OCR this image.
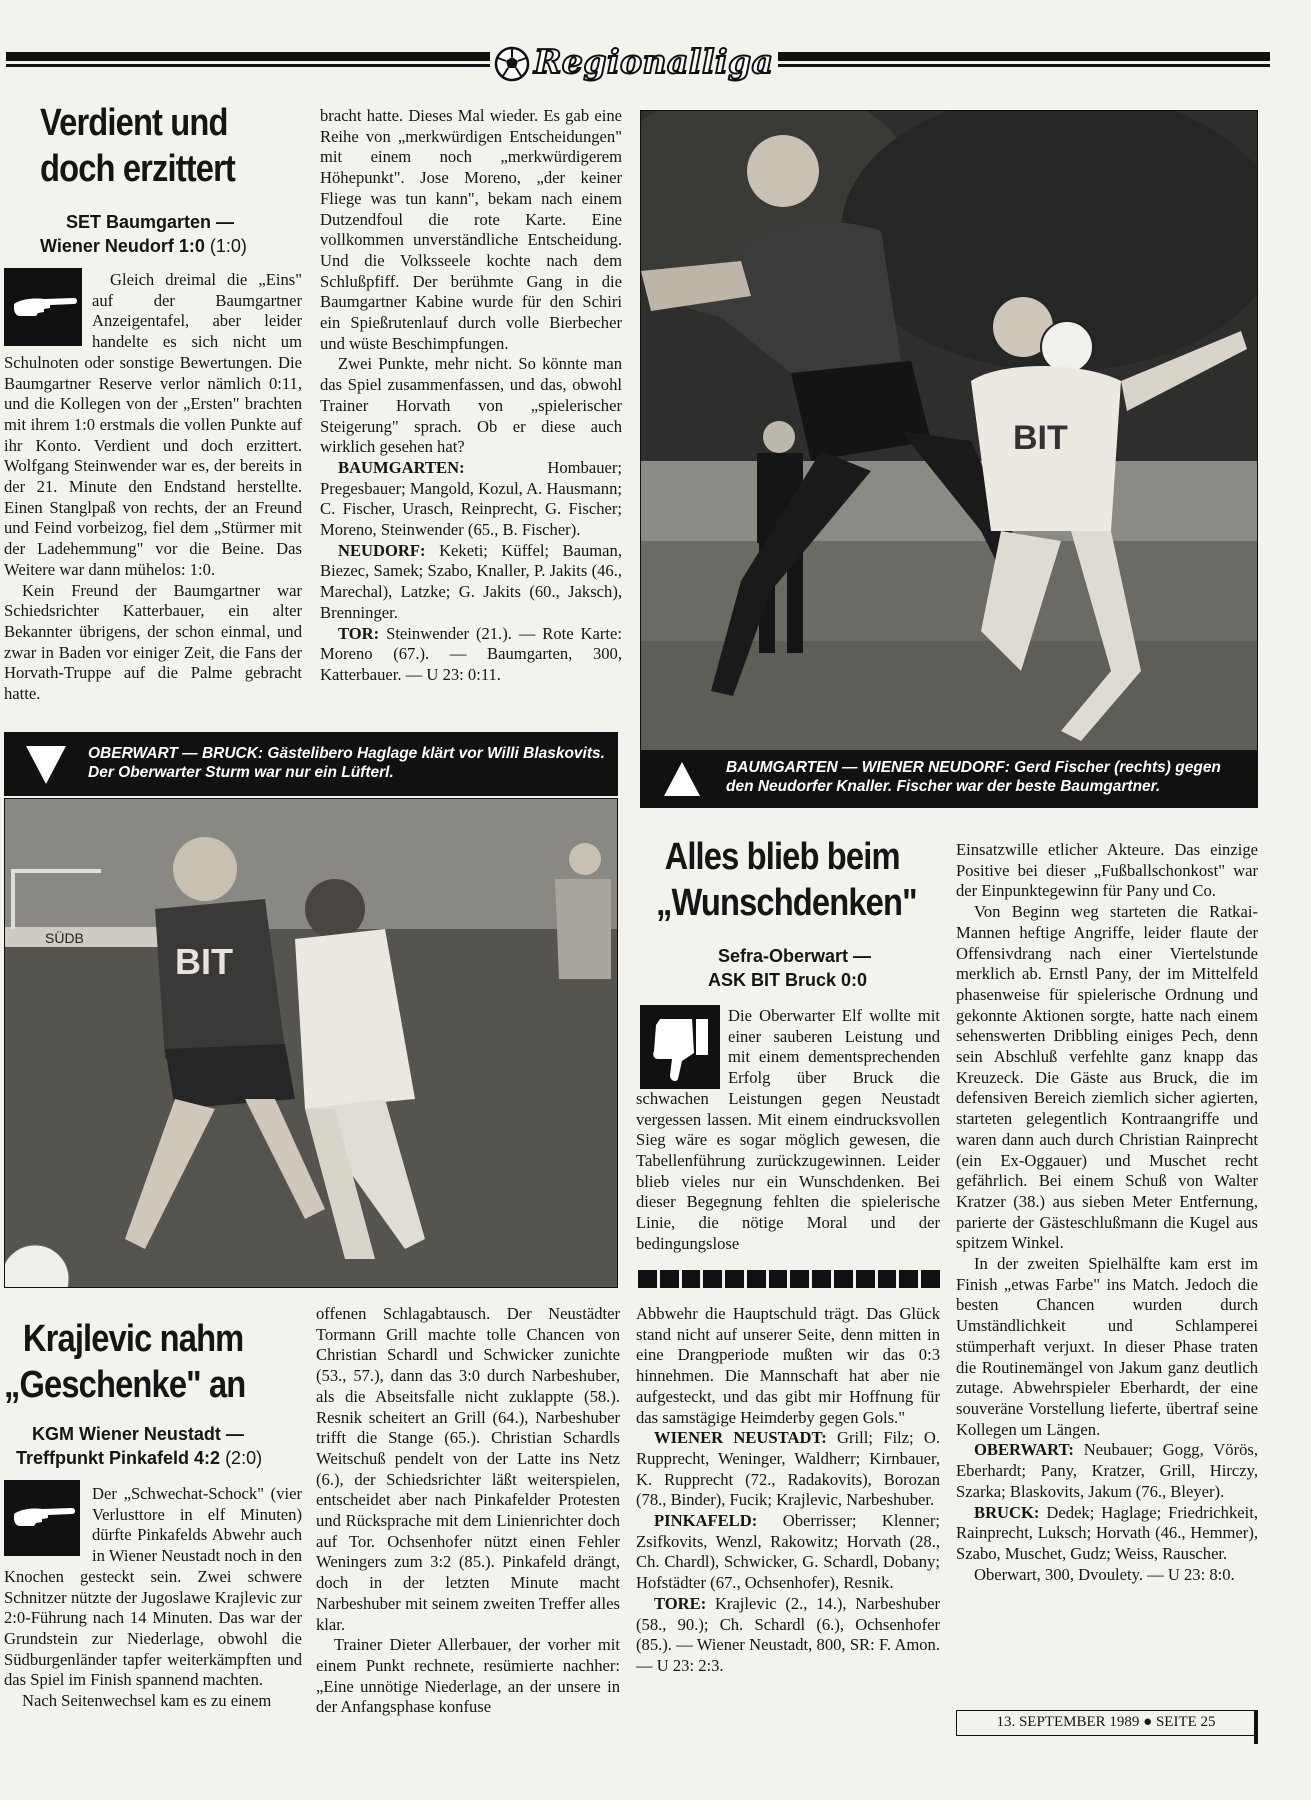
Regionalliga
Verdient und
doch erzittert
SET Baumgarten —
Wiener Neudorf 1:0 (1:0)

Gleich dreimal die „Eins" auf der Baumgartner Anzeigentafel, aber leider handelte es sich nicht um Schulnoten oder sonstige Bewertungen. Die Baumgartner Reserve verlor nämlich 0:11, und die Kollegen von der „Ersten" brachten mit ihrem 1:0 erstmals die vollen Punkte auf ihr Konto. Verdient und doch erzittert. Wolfgang Steinwender war es, der bereits in der 21. Minute den Endstand herstellte. Einen Stanglpaß von rechts, der an Freund und Feind vorbeizog, fiel dem „Stürmer mit der Ladehemmung" vor die Beine. Das Weitere war dann mühelos: 1:0.

Kein Freund der Baumgartner war Schiedsrichter Katterbauer, ein alter Bekannter übrigens, der schon einmal, und zwar in Baden vor einiger Zeit, die Fans der Horvath-Truppe auf die Palme gebracht hatte.

bracht hatte. Dieses Mal wieder. Es gab eine Reihe von „merkwürdigen Entscheidungen" mit einem noch „merkwürdigerem Höhepunkt". Jose Moreno, „der keiner Fliege was tun kann", bekam nach einem Dutzendfoul die rote Karte. Eine vollkommen unverständliche Entscheidung. Und die Volksseele kochte nach dem Schlußpfiff. Der berühmte Gang in die Baumgartner Kabine wurde für den Schiri ein Spießrutenlauf durch volle Bierbecher und wüste Beschimpfungen.

Zwei Punkte, mehr nicht. So könnte man das Spiel zusammenfassen, und das, obwohl Trainer Horvath von „spielerischer Steigerung" sprach. Ob er diese auch wirklich gesehen hat?

BAUMGARTEN:	Hombauer; Pregesbauer; Mangold, Kozul, A. Hausmann; C. Fischer, Urasch, Reinprecht, G. Fischer; Moreno, Steinwender (65., B. Fischer).

NEUDORF: Keketi; Küffel; Bauman, Biezec, Samek; Szabo, Knaller, P. Jakits (46., Marechal), Latzke; G. Jakits (60., Jaksch), Brenninger.

TOR: Steinwender (21.). — Rote Karte: Moreno (67.). — Baumgarten, 300, Katterbauer. — U 23: 0:11.

BIT
BAUMGARTEN — WIENER NEUDORF: Gerd Fischer (rechts) gegen den Neudorfer Knaller. Fischer war der beste Baumgartner.
OBERWART — BRUCK: Gästelibero Haglage klärt vor Willi Blaskovits. Der Oberwarter Sturm war nur ein Lüfterl.
SÜDB
BIT
Alles blieb beim
„Wunschdenken"
Sefra-Oberwart —
ASK BIT Bruck 0:0

Die Oberwarter Elf wollte mit einer sauberen Leistung und mit einem dementsprechenden Erfolg über Bruck die schwachen Leistungen gegen Neustadt vergessen lassen. Mit einem eindrucksvollen Sieg wäre es sogar möglich gewesen, die Tabellenführung zurückzugewinnen. Leider blieb vieles nur ein Wunschdenken. Bei dieser Begegnung fehlten die spielerische Linie, die nötige Moral und der bedingungslose

Einsatzwille etlicher Akteure. Das einzige Positive bei dieser „Fußballschonkost" war der Einpunktegewinn für Pany und Co.

Von Beginn weg starteten die Ratkai-Mannen heftige Angriffe, leider flaute der Offensivdrang nach einer Viertelstunde merklich ab. Ernstl Pany, der im Mittelfeld phasenweise für spielerische Ordnung und gekonnte Aktionen sorgte, hatte nach einem sehenswerten Dribbling einiges Pech, denn sein Abschluß verfehlte ganz knapp das Kreuzeck. Die Gäste aus Bruck, die im defensiven Bereich ziemlich sicher agierten, starteten gelegentlich Kontraangriffe und waren dann auch durch Christian Rainprecht (ein Ex-Oggauer) und Muschet recht gefährlich. Bei einem Schuß von Walter Kratzer (38.) aus sieben Meter Entfernung, parierte der Gästeschlußmann die Kugel aus spitzem Winkel.

In der zweiten Spielhälfte kam erst im Finish „etwas Farbe" ins Match. Jedoch die besten Chancen wurden durch Umständlichkeit und Schlamperei stümperhaft verjuxt. In dieser Phase traten die Routinemängel von Jakum ganz deutlich zutage. Abwehrspieler Eberhardt, der eine souveräne Vorstellung lieferte, übertraf seine Kollegen um Längen.

OBERWART: Neubauer; Gogg, Vörös, Eberhardt; Pany, Kratzer, Grill, Hirczy, Szarka; Blaskovits, Jakum (76., Bleyer).

BRUCK: Dedek; Haglage; Friedrichkeit, Rainprecht, Luksch; Horvath (46., Hemmer), Szabo, Muschet, Gudz; Weiss, Rauscher.

Oberwart, 300, Dvoulety. — U 23: 8:0.

Krajlevic nahm
„Geschenke" an
KGM Wiener Neustadt —
Treffpunkt Pinkafeld 4:2 (2:0)

Der „Schwechat-Schock" (vier Verlusttore in elf Minuten) dürfte Pinkafelds Abwehr auch in Wiener Neustadt noch in den Knochen gesteckt sein. Zwei schwere Schnitzer nützte der Jugoslawe Krajlevic zur 2:0-Führung nach 14 Minuten. Das war der Grundstein zur Niederlage, obwohl die Südburgenländer tapfer weiterkämpften und das Spiel im Finish spannend machten.

Nach Seitenwechsel kam es zu einem

offenen Schlagabtausch. Der Neustädter Tormann Grill machte tolle Chancen von Christian Schardl und Schwicker zunichte (53., 57.), dann das 3:0 durch Narbeshuber, als die Abseitsfalle nicht zuklappte (58.). Resnik scheitert an Grill (64.), Narbeshuber trifft die Stange (65.). Christian Schardls Weitschuß pendelt von der Latte ins Netz (6.), der Schiedsrichter läßt weiterspielen, entscheidet aber nach Pinkafelder Protesten und Rücksprache mit dem Linienrichter doch auf Tor. Ochsenhofer nützt einen Fehler Weningers zum 3:2 (85.). Pinkafeld drängt, doch in der letzten Minute macht Narbeshuber mit seinem zweiten Treffer alles klar.

Trainer Dieter Allerbauer, der vorher mit einem Punkt rechnete, resümierte nachher: „Eine unnötige Niederlage, an der unsere in der Anfangsphase konfuse

Abbwehr die Hauptschuld trägt. Das Glück stand nicht auf unserer Seite, denn mitten in eine Drangperiode mußten wir das 0:3 hinnehmen. Die Mannschaft hat aber nie aufgesteckt, und das gibt mir Hoffnung für das samstägige Heimderby gegen Gols."

WIENER NEUSTADT: Grill; Filz; O. Rupprecht, Weninger, Waldherr; Kirnbauer, K. Rupprecht (72., Radakovits), Borozan (78., Binder), Fucik; Krajlevic, Narbeshuber.

PINKAFELD: Oberrisser; Klenner; Zsifkovits, Wenzl, Rakowitz; Horvath (28., Ch. Chardl), Schwicker, G. Schardl, Dobany; Hofstädter (67., Ochsenhofer), Resnik.

TORE: Krajlevic (2., 14.), Narbeshuber (58., 90.); Ch. Schardl (6.), Ochsenhofer (85.). — Wiener Neustadt, 800, SR: F. Amon. — U 23: 2:3.

13. SEPTEMBER 1989 ● SEITE 25
